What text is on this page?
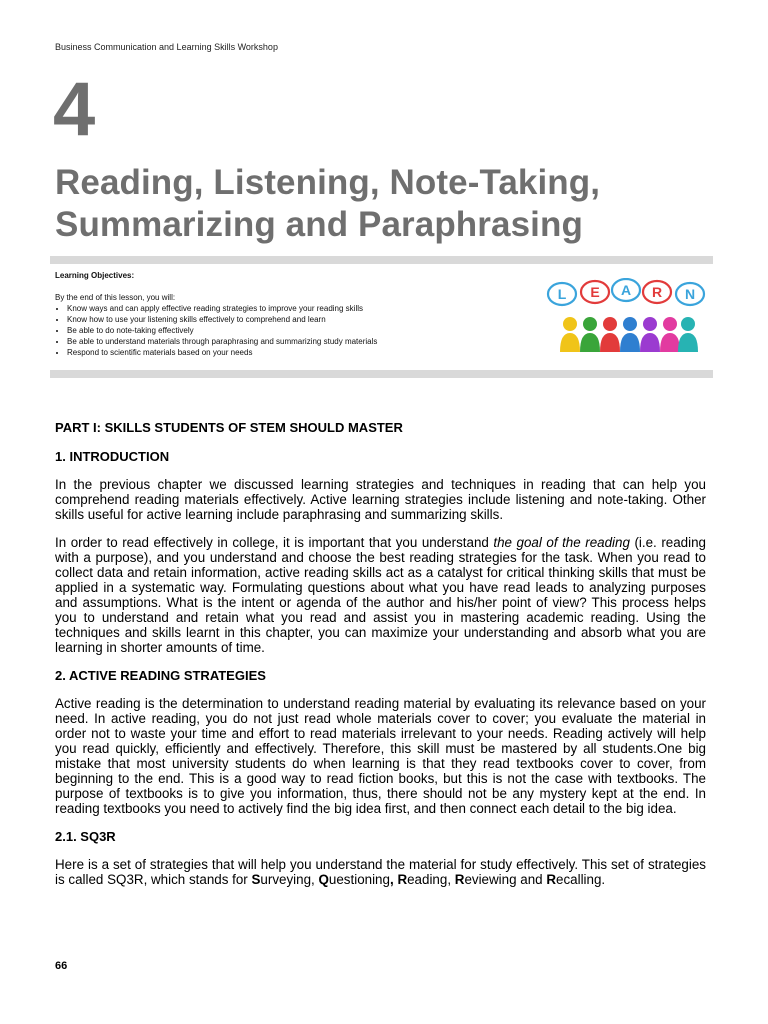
Business Communication and Learning Skills Workshop
4
Reading, Listening, Note-Taking,
Summarizing and Paraphrasing
Learning Objectives:
By the end of this lesson, you will:
• Know ways and can apply effective reading strategies to improve your reading skills
• Know how to use your listening skills effectively to comprehend and learn
• Be able to do note-taking effectively
• Be able to understand materials through paraphrasing and summarizing study materials
• Respond to scientific materials based on your needs
L E A R N

PART I: SKILLS STUDENTS OF STEM SHOULD MASTER

1. INTRODUCTION

In the previous chapter we discussed learning strategies and techniques in reading that can help you comprehend reading materials effectively. Active learning strategies include listening and note-taking. Other skills useful for active learning include paraphrasing and summarizing skills.

In order to read effectively in college, it is important that you understand the goal of the reading (i.e. reading with a purpose), and you understand and choose the best reading strategies for the task. When you read to collect data and retain information, active reading skills act as a catalyst for critical thinking skills that must be applied in a systematic way. Formulating questions about what you have read leads to analyzing purposes and assumptions. What is the intent or agenda of the author and his/her point of view? This process helps you to understand and retain what you read and assist you in mastering academic reading. Using the techniques and skills learnt in this chapter, you can maximize your understanding and absorb what you are learning in shorter amounts of time.

2. ACTIVE READING STRATEGIES

Active reading is the determination to understand reading material by evaluating its relevance based on your need. In active reading, you do not just read whole materials cover to cover; you evaluate the material in order not to waste your time and effort to read materials irrelevant to your needs. Reading actively will help you read quickly, efficiently and effectively. Therefore, this skill must be mastered by all students.One big mistake that most university students do when learning is that they read textbooks cover to cover, from beginning to the end. This is a good way to read fiction books, but this is not the case with textbooks. The purpose of textbooks is to give you information, thus, there should not be any mystery kept at the end. In reading textbooks you need to actively find the big idea first, and then connect each detail to the big idea.

2.1. SQ3R

Here is a set of strategies that will help you understand the material for study effectively. This set of strategies is called SQ3R, which stands for Surveying, Questioning, Reading, Reviewing and Recalling.

66
